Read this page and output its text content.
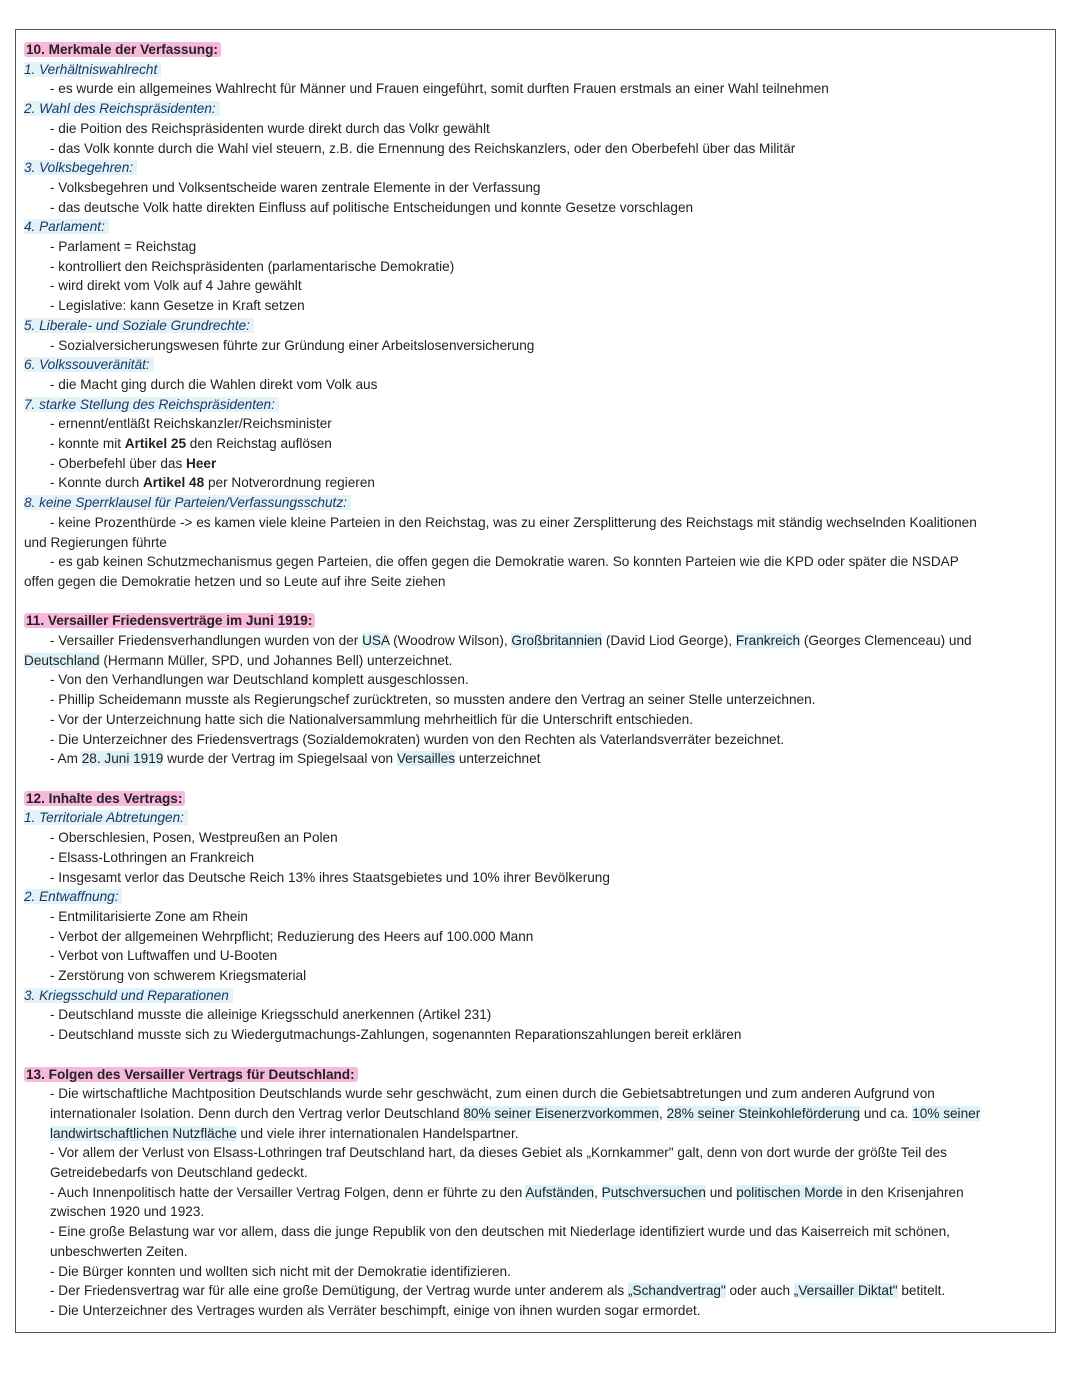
10. Merkmale der Verfassung:
1. Verhältniswahlrecht
- es wurde ein allgemeines Wahlrecht für Männer und Frauen eingeführt, somit durften Frauen erstmals an einer Wahl teilnehmen
2. Wahl des Reichspräsidenten:
- die Poition des Reichspräsidenten wurde direkt durch das Volkr gewählt
- das Volk konnte durch die Wahl viel steuern, z.B. die Ernennung des Reichskanzlers, oder den Oberbefehl über das Militär
3. Volksbegehren:
- Volksbegehren und Volksentscheide waren zentrale Elemente in der Verfassung
- das deutsche Volk hatte direkten Einfluss auf politische Entscheidungen und konnte Gesetze vorschlagen
4. Parlament:
- Parlament = Reichstag
- kontrolliert den Reichspräsidenten (parlamentarische Demokratie)
- wird direkt vom Volk auf 4 Jahre gewählt
- Legislative: kann Gesetze in Kraft setzen
5. Liberale- und Soziale Grundrechte:
- Sozialversicherungswesen führte zur Gründung einer Arbeitslosenversicherung
6. Volkssouveränität:
- die Macht ging durch die Wahlen direkt vom Volk aus
7. starke Stellung des Reichspräsidenten:
- ernennt/entläßt Reichskanzler/Reichsminister
- konnte mit Artikel 25 den Reichstag auflösen
- Oberbefehl über das Heer
- Konnte durch Artikel 48 per Notverordnung regieren
8. keine Sperrklausel für Parteien/Verfassungsschutz:
- keine Prozenthürde -> es kamen viele kleine Parteien in den Reichstag, was zu einer Zersplitterung des Reichstags mit ständig wechselnden Koalitionen
und Regierungen führte
- es gab keinen Schutzmechanismus gegen Parteien, die offen gegen die Demokratie waren. So konnten Parteien wie die KPD oder später die NSDAP
offen gegen die Demokratie hetzen und so Leute auf ihre Seite ziehen
11. Versailler Friedensverträge im Juni 1919:
- Versailler Friedensverhandlungen wurden von der USA (Woodrow Wilson), Großbritannien (David Liod George), Frankreich (Georges Clemenceau) und
Deutschland (Hermann Müller, SPD, und Johannes Bell) unterzeichnet.
- Von den Verhandlungen war Deutschland komplett ausgeschlossen.
- Phillip Scheidemann musste als Regierungschef zurücktreten, so mussten andere den Vertrag an seiner Stelle unterzeichnen.
- Vor der Unterzeichnung hatte sich die Nationalversammlung mehrheitlich für die Unterschrift entschieden.
- Die Unterzeichner des Friedensvertrags (Sozialdemokraten) wurden von den Rechten als Vaterlandsverräter bezeichnet.
- Am 28. Juni 1919 wurde der Vertrag im Spiegelsaal von Versailles unterzeichnet
12. Inhalte des Vertrags:
1. Territoriale Abtretungen:
- Oberschlesien, Posen, Westpreußen an Polen
- Elsass-Lothringen an Frankreich
- Insgesamt verlor das Deutsche Reich 13% ihres Staatsgebietes und 10% ihrer Bevölkerung
2. Entwaffnung:
- Entmilitarisierte Zone am Rhein
- Verbot der allgemeinen Wehrpflicht; Reduzierung des Heers auf 100.000 Mann
- Verbot von Luftwaffen und U-Booten
- Zerstörung von schwerem Kriegsmaterial
3. Kriegsschuld und Reparationen
- Deutschland musste die alleinige Kriegsschuld anerkennen (Artikel 231)
- Deutschland musste sich zu Wiedergutmachungs-Zahlungen, sogenannten Reparationszahlungen bereit erklären
13. Folgen des Versailler Vertrags für Deutschland:
- Die wirtschaftliche Machtposition Deutschlands wurde sehr geschwächt, zum einen durch die Gebietsabtretungen und zum anderen Aufgrund von
internationaler Isolation. Denn durch den Vertrag verlor Deutschland 80% seiner Eisenerzvorkommen, 28% seiner Steinkohleförderung und ca. 10% seiner
landwirtschaftlichen Nutzfläche und viele ihrer internationalen Handelspartner.
- Vor allem der Verlust von Elsass-Lothringen traf Deutschland hart, da dieses Gebiet als „Kornkammer" galt, denn von dort wurde der größte Teil des
Getreidebedarfs von Deutschland gedeckt.
- Auch Innenpolitisch hatte der Versailler Vertrag Folgen, denn er führte zu den Aufständen, Putschversuchen und politischen Morde in den Krisenjahren
zwischen 1920 und 1923.
- Eine große Belastung war vor allem, dass die junge Republik von den deutschen mit Niederlage identifiziert wurde und das Kaiserreich mit schönen,
unbeschwerten Zeiten.
- Die Bürger konnten und wollten sich nicht mit der Demokratie identifizieren.
- Der Friedensvertrag war für alle eine große Demütigung, der Vertrag wurde unter anderem als „Schandvertrag" oder auch „Versailler Diktat" betitelt.
- Die Unterzeichner des Vertrages wurden als Verräter beschimpft, einige von ihnen wurden sogar ermordet.
